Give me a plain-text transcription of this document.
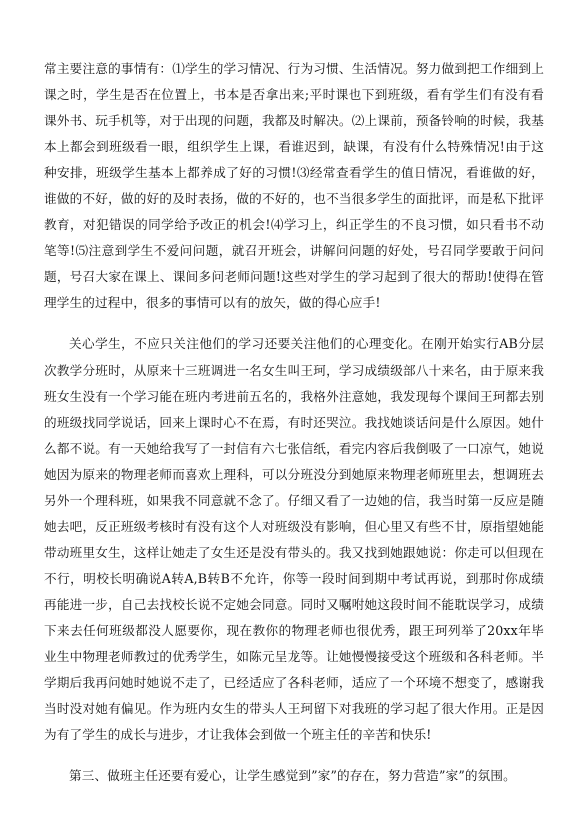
常主要注意的事情有：⑴学生的学习情况、行为习惯、生活情况。努力做到把工作细到上课之时，学生是否在位置上，书本是否拿出来;平时课也下到班级，看有学生们有没有看课外书、玩手机等，对于出现的问题，我都及时解决。⑵上课前，预备铃响的时候，我基本上都会到班级看一眼，组织学生上课，看谁迟到，缺课，有没有什么特殊情况!由于这种安排，班级学生基本上都养成了好的习惯!⑶经常查看学生的值日情况，看谁做的好，谁做的不好，做的好的及时表扬，做的不好的，也不当很多学生的面批评，而是私下批评教育，对犯错误的同学给予改正的机会!⑷学习上，纠正学生的不良习惯，如只看书不动笔等!⑸注意到学生不爱问问题，就召开班会，讲解问问题的好处，号召同学要敢于问问题，号召大家在课上、课间多问老师问题!这些对学生的学习起到了很大的帮助!使得在管理学生的过程中，很多的事情可以有的放矢，做的得心应手!

关心学生，不应只关注他们的学习还要关注他们的心理变化。在刚开始实行AB分层次教学分班时，从原来十三班调进一名女生叫王珂，学习成绩级部八十来名，由于原来我班女生没有一个学习能在班内考进前五名的，我格外注意她，我发现每个课间王珂都去别的班级找同学说话，回来上课时心不在焉，有时还哭泣。我找她谈话问是什么原因。她什么都不说。有一天她给我写了一封信有六七张信纸，看完内容后我倒吸了一口凉气，她说她因为原来的物理老师而喜欢上理科，可以分班没分到她原来物理老师班里去，想调班去另外一个理科班，如果我不同意就不念了。仔细又看了一边她的信，我当时第一反应是随她去吧，反正班级考核时有没有这个人对班级没有影响，但心里又有些不甘，原指望她能带动班里女生，这样让她走了女生还是没有带头的。我又找到她跟她说：你走可以但现在不行，明校长明确说A转A,B转B不允许，你等一段时间到期中考试再说，到那时你成绩再能进一步，自己去找校长说不定她会同意。同时又嘱咐她这段时间不能耽误学习，成绩下来去任何班级都没人愿要你，现在教你的物理老师也很优秀，跟王珂列举了20xx年毕业生中物理老师教过的优秀学生，如陈元呈龙等。让她慢慢接受这个班级和各科老师。半学期后我再问她时她说不走了，已经适应了各科老师，适应了一个环境不想变了，感谢我当时没对她有偏见。作为班内女生的带头人王珂留下对我班的学习起了很大作用。正是因为有了学生的成长与进步，才让我体会到做一个班主任的辛苦和快乐!

第三、做班主任还要有爱心，让学生感觉到”家”的存在，努力营造”家”的氛围。
